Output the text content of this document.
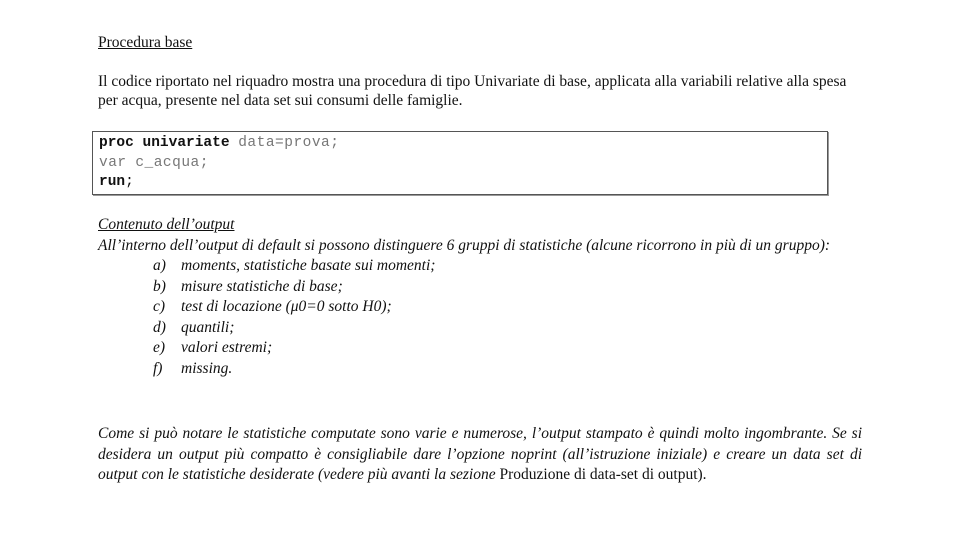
Procedura base

Il codice riportato nel riquadro mostra una procedura di tipo Univariate di base, applicata alla variabili relative alla spesa per acqua, presente nel data set sui consumi delle famiglie.
proc univariate data=prova;
var c_acqua;
run;
Contenuto dell’output
All’interno dell’output di default si possono distinguere 6 gruppi di statistiche (alcune ricorrono in più di un gruppo):
a) moments, statistiche basate sui momenti;
b) misure statistiche di base;
c) test di locazione (μ0=0 sotto H0);
d) quantili;
e) valori estremi;
f) missing.
Come si può notare le statistiche computate sono varie e numerose, l’output stampato è quindi molto ingombrante. Se si desidera un output più compatto è consigliabile dare l’opzione noprint (all’istruzione iniziale) e creare un data set di output con le statistiche desiderate (vedere più avanti la sezione Produzione di data-set di output).
